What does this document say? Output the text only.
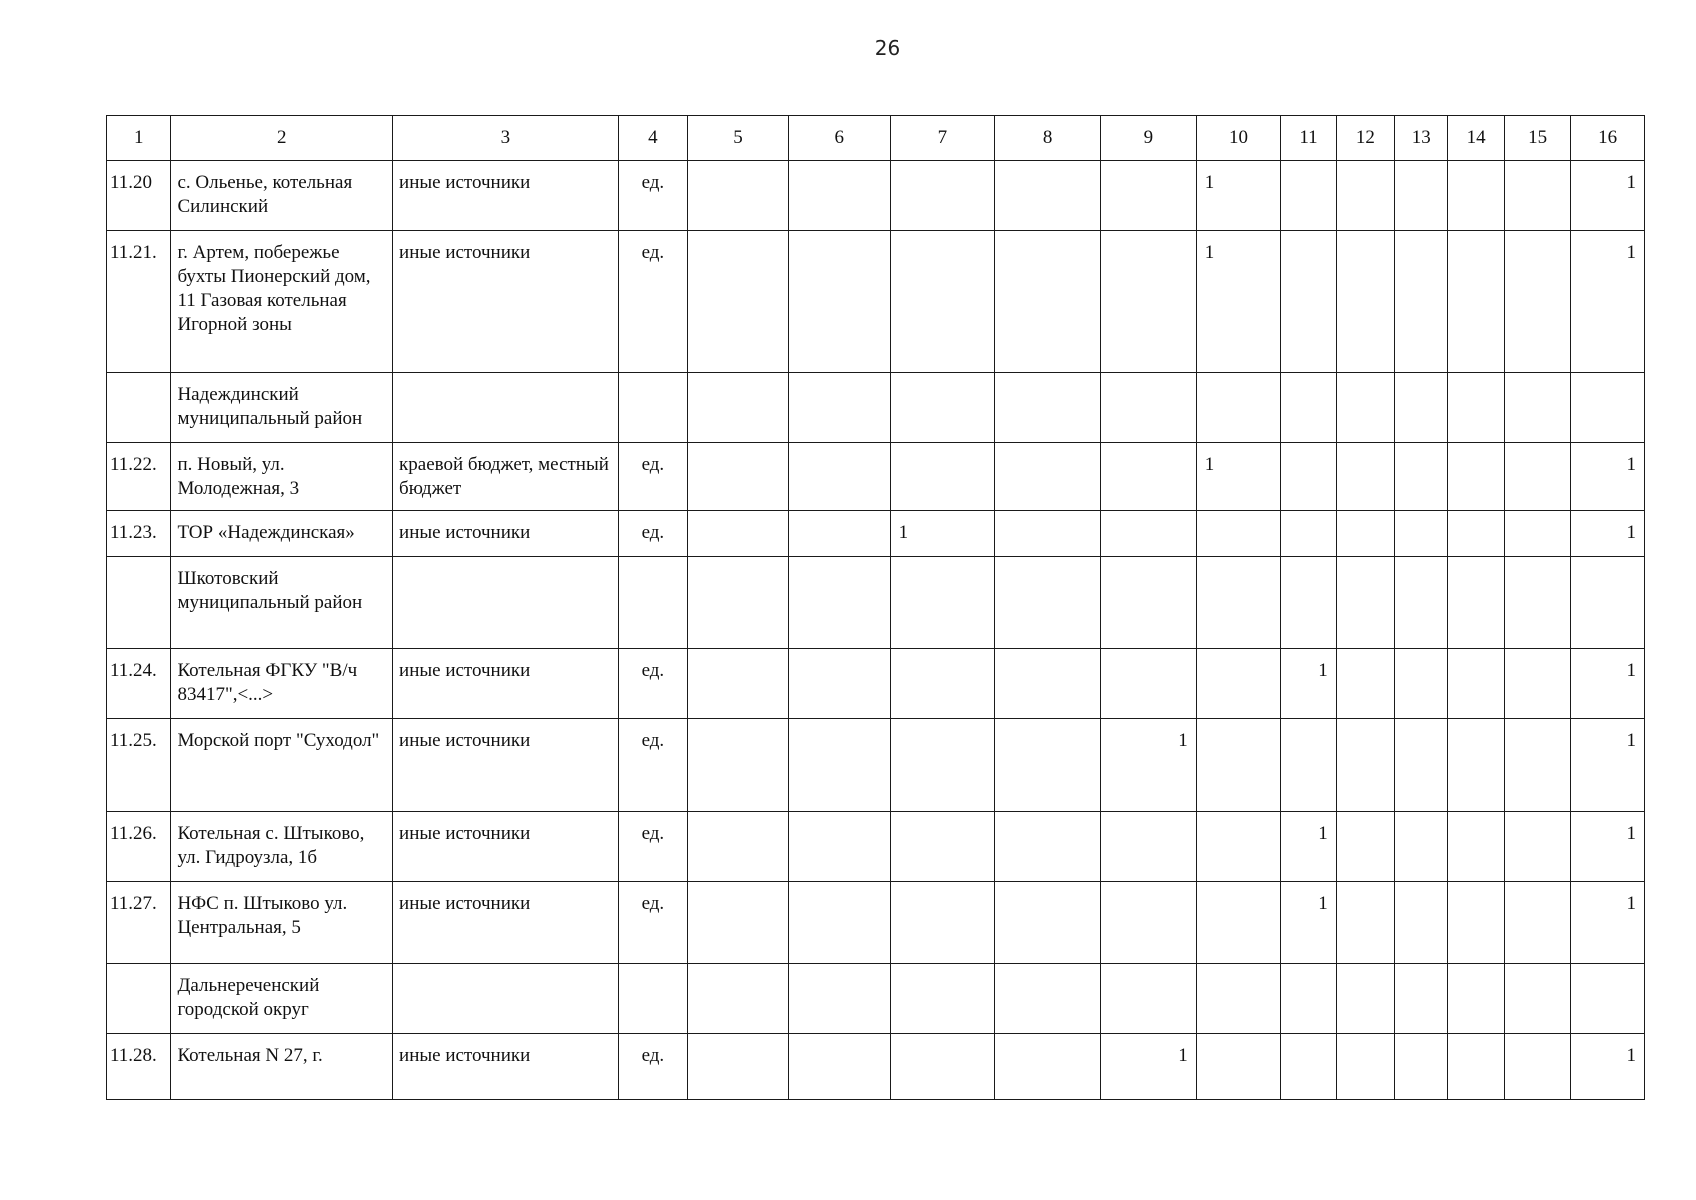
26
1	2	3	4	5	6	7	8	9	10	11	12	13	14	15	16
11.20	с. Ольенье, котельная Силинский	иные источники	ед.						1						1
11.21.	г. Артем, побережье бухты Пионерский дом, 11 Газовая котельная Игорной зоны	иные источники	ед.						1						1
	Надеждинский муниципальный район														
11.22.	п. Новый, ул. Молодежная, 3	краевой бюджет, местный бюджет	ед.						1						1
11.23.	ТОР «Надеждинская»	иные источники	ед.			1									1
	Шкотовский муниципальный район														
11.24.	Котельная ФГКУ "В/ч 83417",<...>	иные источники	ед.							1					1
11.25.	Морской порт "Суходол"	иные источники	ед.					1							1
11.26.	Котельная с. Штыково, ул. Гидроузла, 1б	иные источники	ед.							1					1
11.27.	НФС п. Штыково ул. Центральная, 5	иные источники	ед.							1					1
	Дальнереченский городской округ														
11.28.	Котельная N 27, г.	иные источники	ед.					1							1
